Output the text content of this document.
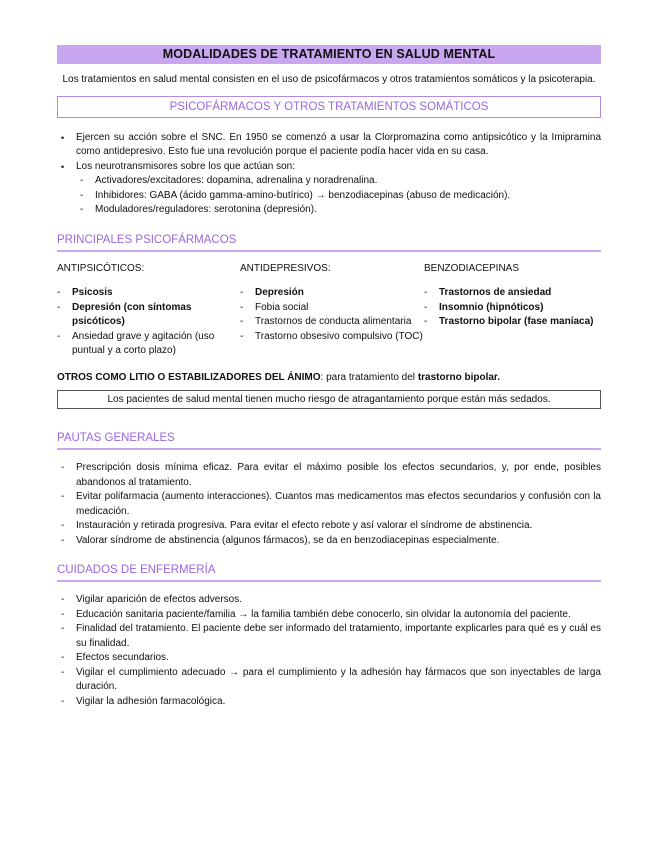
MODALIDADES DE TRATAMIENTO EN SALUD MENTAL
Los tratamientos en salud mental consisten en el uso de psicofármacos y otros tratamientos somáticos y la psicoterapia.
PSICOFÁRMACOS Y OTROS TRATAMIENTOS SOMÁTICOS
• Ejercen su acción sobre el SNC. En 1950 se comenzó a usar la Clorpromazina como antipsicótico y la Imipramina como antidepresivo. Esto fue una revolución porque el paciente podía hacer vida en su casa.
• Los neurotransmisores sobre los que actúan son:
- Activadores/excitadores: dopamina, adrenalina y noradrenalina.
- Inhibidores: GABA (ácido gamma-amino-butírico) → benzodiacepinas (abuso de medicación).
- Moduladores/reguladores: serotonina (depresión).
PRINCIPALES PSICOFÁRMACOS
ANTIPSICÓTICOS:
- Psicosis
- Depresión (con síntomas psicóticos)
- Ansiedad grave y agitación (uso puntual y a corto plazo)
ANTIDEPRESIVOS:
- Depresión
- Fobia social
- Trastornos de conducta alimentaria
- Trastorno obsesivo compulsivo (TOC)
BENZODIACEPINAS
- Trastornos de ansiedad
- Insomnio (hipnóticos)
- Trastorno bipolar (fase maníaca)
OTROS COMO LITIO O ESTABILIZADORES DEL ÁNIMO: para tratamiento del trastorno bipolar.
Los pacientes de salud mental tienen mucho riesgo de atragantamiento porque están más sedados.
PAUTAS GENERALES
- Prescripción dosis mínima eficaz. Para evitar el máximo posible los efectos secundarios, y, por ende, posibles abandonos al tratamiento.
- Evitar polifarmacia (aumento interacciones). Cuantos mas medicamentos mas efectos secundarios y confusión con la medicación.
- Instauración y retirada progresiva. Para evitar el efecto rebote y así valorar el síndrome de abstinencia.
- Valorar síndrome de abstinencia (algunos fármacos), se da en benzodiacepinas especialmente.
CUIDADOS DE ENFERMERÍA
- Vigilar aparición de efectos adversos.
- Educación sanitaria paciente/familia → la familia también debe conocerlo, sin olvidar la autonomía del paciente.
- Finalidad del tratamiento. El paciente debe ser informado del tratamiento, importante explicarles para qué es y cuál es su finalidad.
- Efectos secundarios.
- Vigilar el cumplimiento adecuado → para el cumplimiento y la adhesión hay fármacos que son inyectables de larga duración.
- Vigilar la adhesión farmacológica.
